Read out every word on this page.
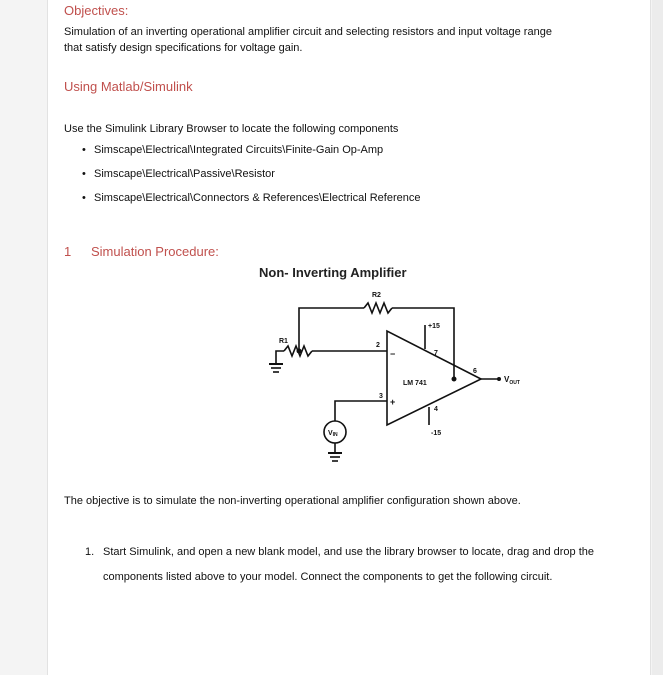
Objectives:
Simulation of an inverting operational amplifier circuit and selecting resistors and input voltage range
that satisfy design specifications for voltage gain.
Using Matlab/Simulink
Use the Simulink Library Browser to locate the following components
• Simscape\Electrical\Integrated Circuits\Finite-Gain Op-Amp
• Simscape\Electrical\Passive\Resistor
• Simscape\Electrical\Connectors & References\Electrical Reference
1 Simulation Procedure:
Non- Inverting Amplifier
R2
R1
+15
-15
LM 741
2
3
4
6
7
−
+
$V_{OUT}$
VIN
The objective is to simulate the non-inverting operational amplifier configuration shown above.
1. Start Simulink, and open a new blank model, and use the library browser to locate, drag and drop the components listed above to your model. Connect the components to get the following circuit.
